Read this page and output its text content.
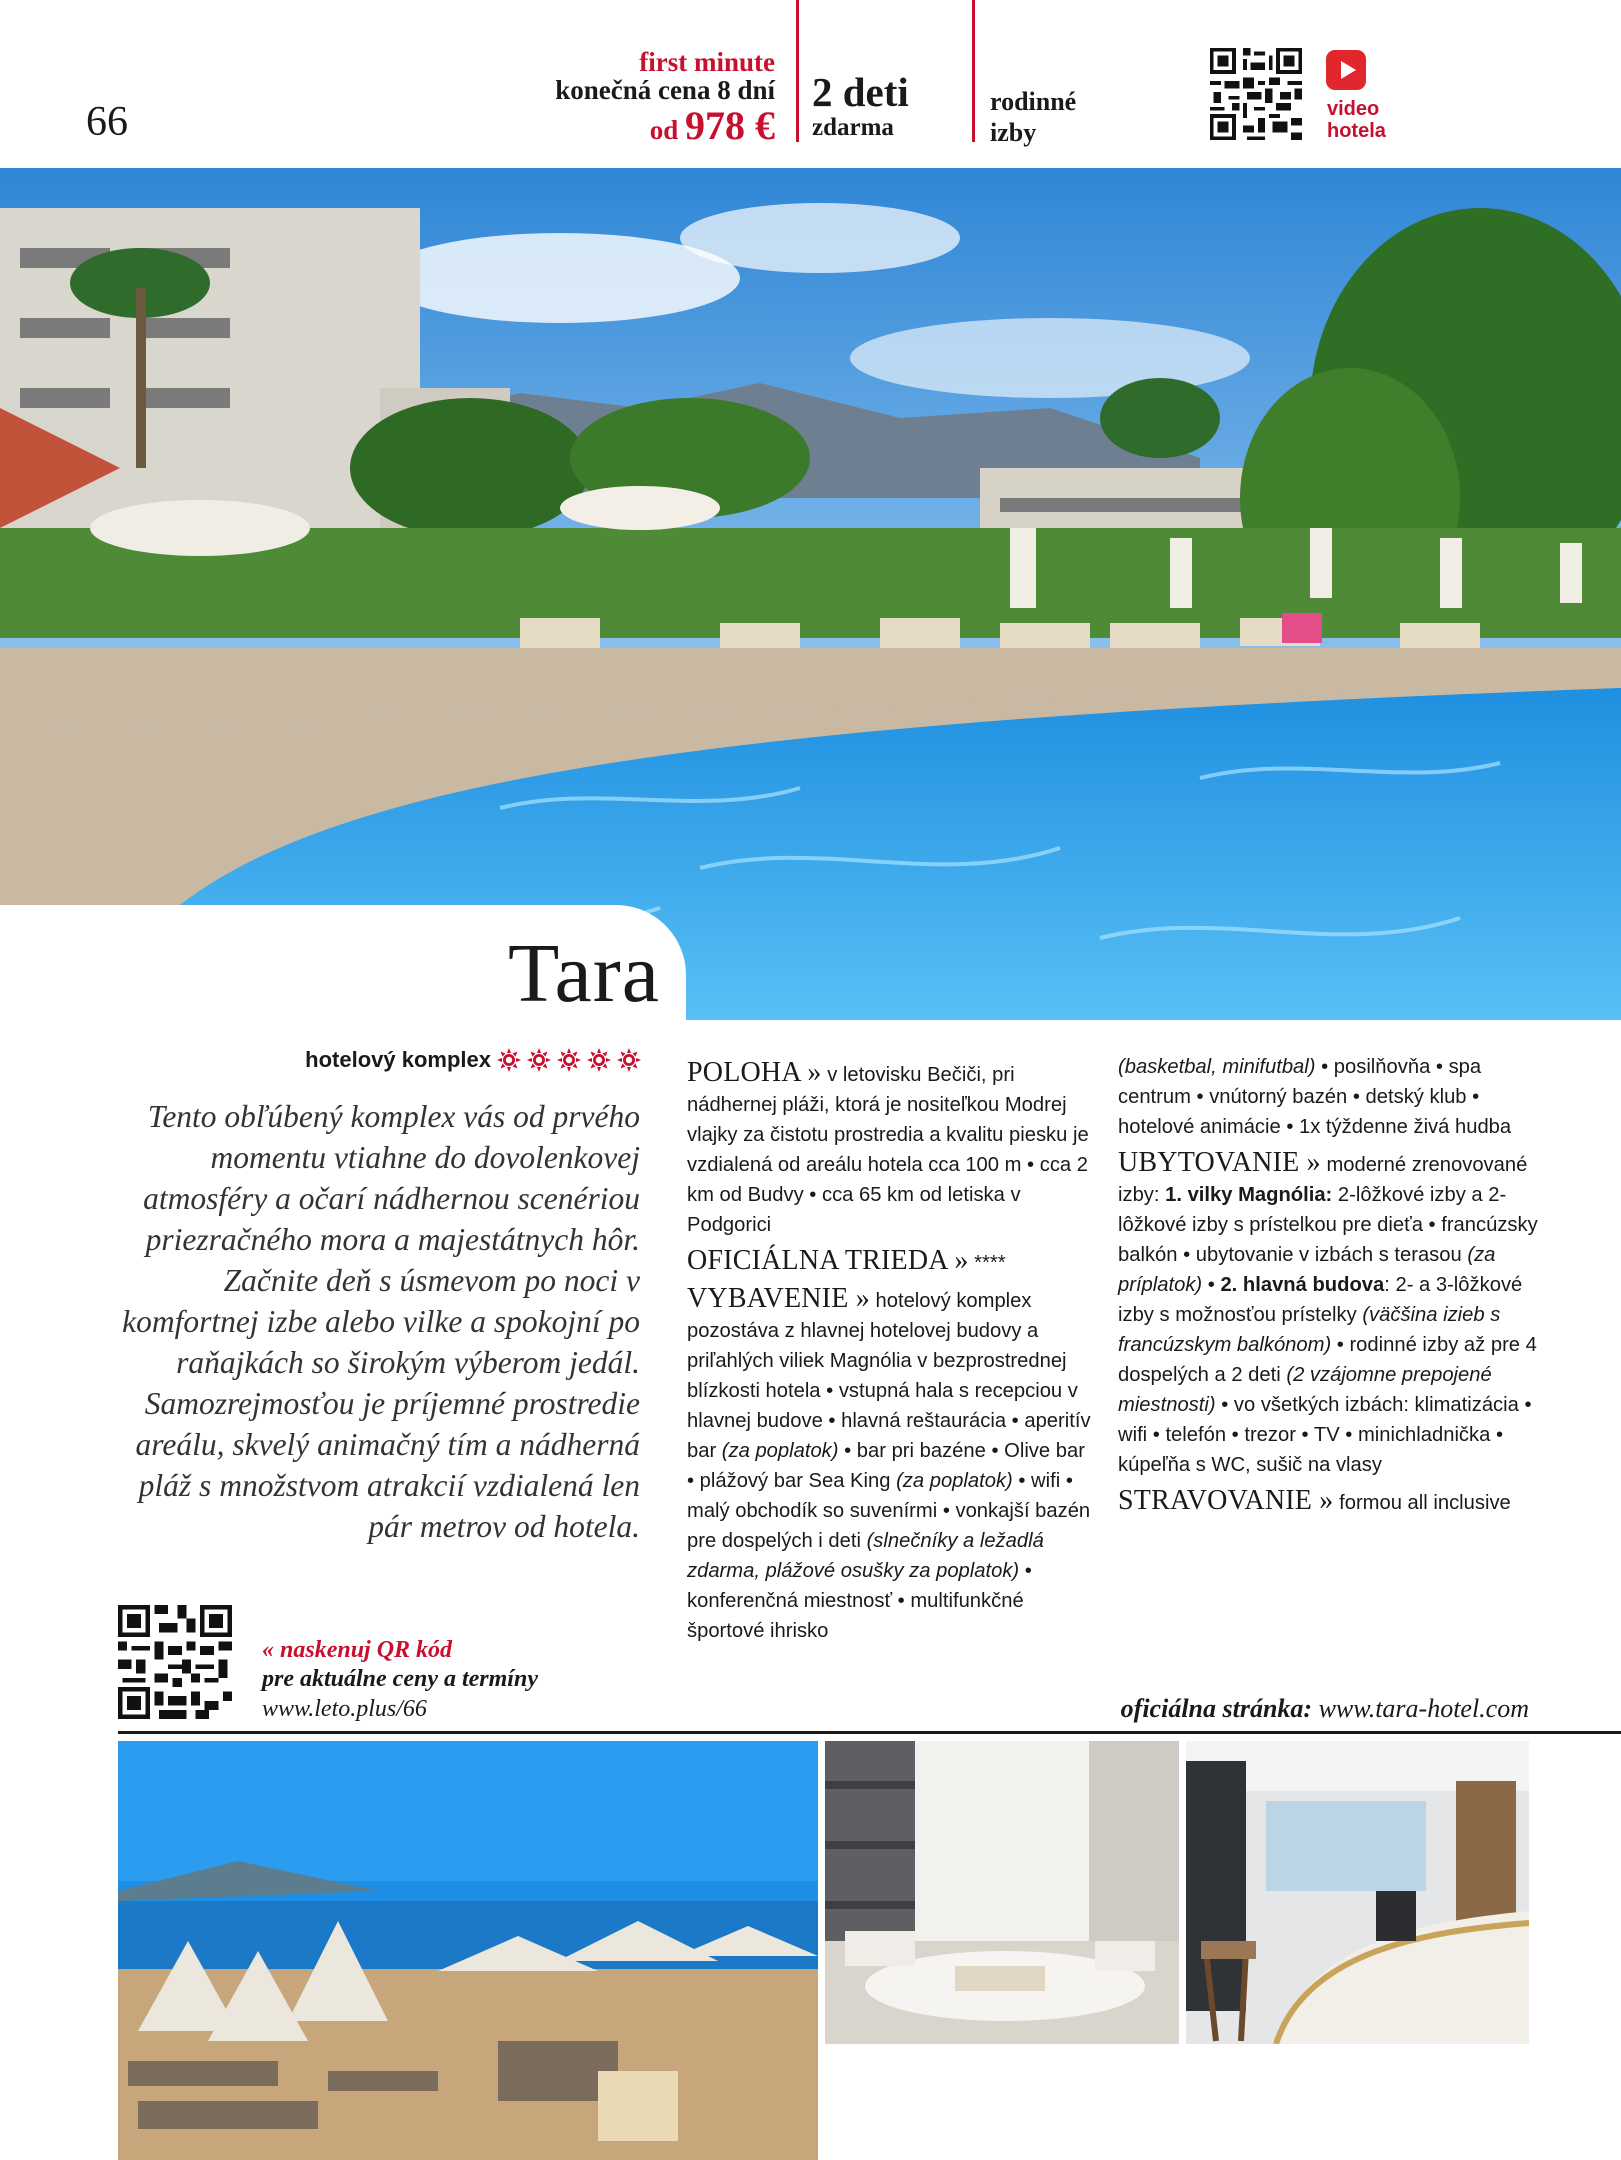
66
first minute
konečná cena 8 dní
od 978 €
2 deti
zdarma
rodinné
izby
video
hotela
Tara
hotelový komplex

Tento obľúbený komplex vás od prvého momentu vtiahne do dovolenkovej atmosféry a očarí nádhernou scenériou priezračného mora a majestátnych hôr. Začnite deň s úsmevom po noci v komfortnej izbe alebo vilke a spokojní po raňajkách so širokým výberom jedál. Samozrejmosťou je príjemné prostredie areálu, skvelý animačný tím a nádherná pláž s množstvom atrakcií vzdialená len pár metrov od hotela.

« naskenuj QR kód
pre aktuálne ceny a termíny
www.leto.plus/66

POLOHA » v letovisku Bečiči, pri nádhernej pláži, ktorá je nositeľkou Modrej vlajky za čistotu prostredia a kvalitu piesku je vzdialená od areálu hotela cca 100 m • cca 2 km od Budvy • cca 65 km od letiska v Podgorici

OFICIÁLNA TRIEDA » ****

VYBAVENIE » hotelový komplex pozostáva z hlavnej hotelovej budovy a priľahlých viliek Magnólia v bezprostrednej blízkosti hotela • vstupná hala s recepciou v hlavnej budove • hlavná reštaurácia • aperitív bar (za poplatok) • bar pri bazéne • Olive bar • plážový bar Sea King (za poplatok) • wifi • malý obchodík so suvenírmi • vonkajší bazén pre dospelých i deti (slnečníky a ležadlá zdarma, plážové osušky za poplatok) • konferenčná miestnosť • multifunkčné športové ihrisko

(basketbal, minifutbal) • posilňovňa • spa centrum • vnútorný bazén • detský klub • hotelové animácie • 1x týždenne živá hudba

UBYTOVANIE » moderné zrenovované izby: 1. vilky Magnólia: 2-lôžkové izby a 2-lôžkové izby s prístelkou pre dieťa • francúzsky balkón • ubytovanie v izbách s terasou (za príplatok) • 2. hlavná budova: 2- a 3-lôžkové izby s možnosťou prístelky (väčšina izieb s francúzskym balkónom) • rodinné izby až pre 4 dospelých a 2 deti (2 vzájomne prepojené miestnosti) • vo všetkých izbách: klimatizácia • wifi • telefón • trezor • TV • minichladnička • kúpeľňa s WC, sušič na vlasy

STRAVOVANIE » formou all inclusive

oficiálna stránka: www.tara-hotel.com
